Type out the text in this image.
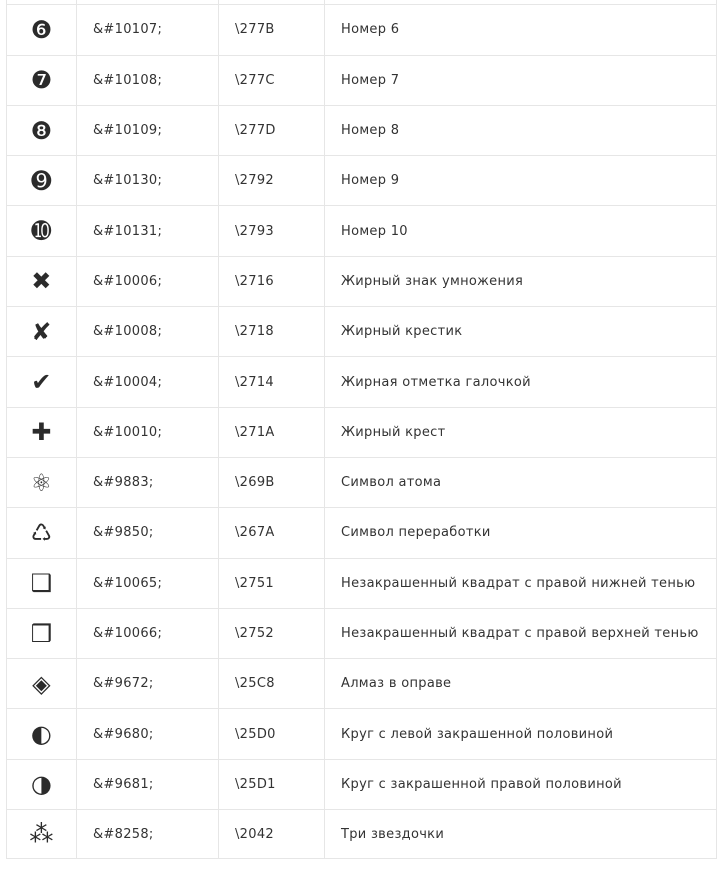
❻	&#10107;	\277B	Номер 6
❼	&#10108;	\277C	Номер 7
❽	&#10109;	\277D	Номер 8
➒	&#10130;	\2792	Номер 9
➓	&#10131;	\2793	Номер 10
✖	&#10006;	\2716	Жирный знак умножения
✘	&#10008;	\2718	Жирный крестик
✔	&#10004;	\2714	Жирная отметка галочкой
✚	&#10010;	\271A	Жирный крест
⚛	&#9883;	\269B	Символ атома
♺	&#9850;	\267A	Символ переработки
❑	&#10065;	\2751	Незакрашенный квадрат с правой нижней тенью
❒	&#10066;	\2752	Незакрашенный квадрат с правой верхней тенью
◈	&#9672;	\25C8	Алмаз в оправе
◐	&#9680;	\25D0	Круг с левой закрашенной половиной
◑	&#9681;	\25D1	Круг с закрашенной правой половиной
⁂	&#8258;	\2042	Три звездочки
